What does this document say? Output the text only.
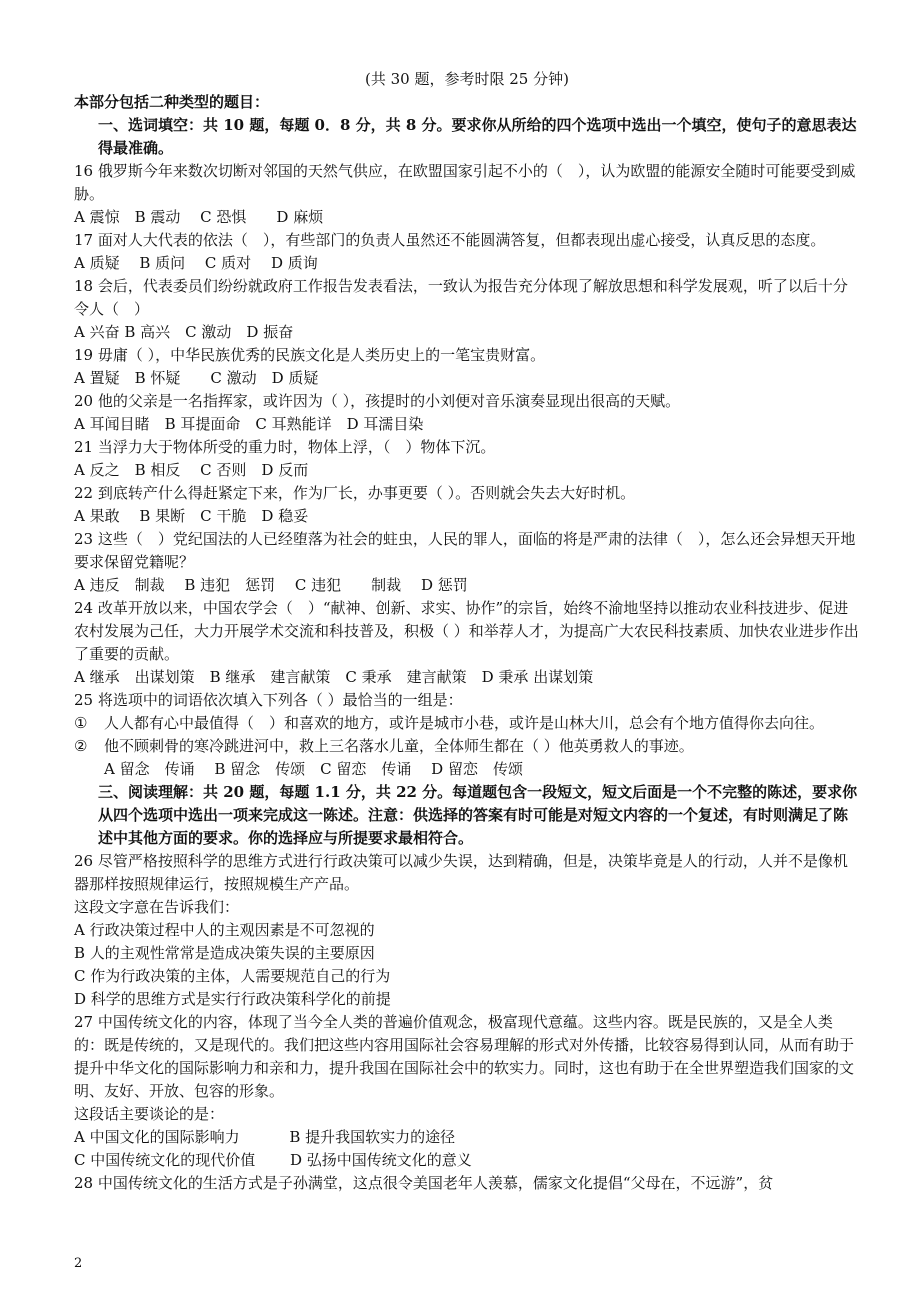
(共 30 题，参考时限 25 分钟)

本部分包括二种类型的题目：

一、选词填空：共 10 题，每题 0．8 分，共 8 分。要求你从所给的四个选项中选出一个填空，使句子的意思表达得最准确。

16 俄罗斯今年来数次切断对邻国的天然气供应，在欧盟国家引起不小的（　），认为欧盟的能源安全随时可能要受到威胁。

A 震惊　B 震动　 C 恐惧　　D 麻烦

17 面对人大代表的依法（　），有些部门的负责人虽然还不能圆满答复，但都表现出虚心接受，认真反思的态度。

A 质疑　 B 质问　 C 质对　 D 质询

18 会后，代表委员们纷纷就政府工作报告发表看法，一致认为报告充分体现了解放思想和科学发展观，听了以后十分令人（　）

A 兴奋 B 高兴　C 激动　D 振奋

19 毋庸（ ），中华民族优秀的民族文化是人类历史上的一笔宝贵财富。

A 置疑　B 怀疑　　C 激动　D 质疑

20 他的父亲是一名指挥家，或许因为（ ），孩提时的小刘便对音乐演奏显现出很高的天赋。

A 耳闻目睹　B 耳提面命　C 耳熟能详　D 耳濡目染

21 当浮力大于物体所受的重力时，物体上浮，（　）物体下沉。

A 反之　B 相反　 C 否则　D 反而

22 到底转产什么得赶紧定下来，作为厂长，办事更要（ ）。否则就会失去大好时机。

A 果敢　 B 果断　C 干脆　D 稳妥

23 这些（　）党纪国法的人已经堕落为社会的蛀虫，人民的罪人，面临的将是严肃的法律（　），怎么还会异想天开地要求保留党籍呢？

A 违反　制裁　 B 违犯　惩罚　 C 违犯　　制裁　 D 惩罚

24 改革开放以来，中国农学会（　）“献神、创新、求实、协作”的宗旨，始终不渝地坚持以推动农业科技进步、促进农村发展为己任，大力开展学术交流和科技普及，积极（ ）和举荐人才，为提高广大农民科技素质、加快农业进步作出了重要的贡献。

A 继承　出谋划策　B 继承　建言献策　C 秉承　建言献策　D 秉承 出谋划策

25 将选项中的词语依次填入下列各（ ）最恰当的一组是：

① 人人都有心中最值得（　）和喜欢的地方，或许是城市小巷，或许是山林大川，总会有个地方值得你去向往。

② 他不顾刺骨的寒冷跳进河中，救上三名落水儿童，全体师生都在（ ）他英勇救人的事迹。

A 留念　传诵　 B 留念　传颂　C 留恋　传诵　 D 留恋　传颂

三、阅读理解：共 20 题，每题 1.1 分，共 22 分。每道题包含一段短文，短文后面是一个不完整的陈述，要求你从四个选项中选出一项来完成这一陈述。注意：供选择的答案有时可能是对短文内容的一个复述，有时则满足了陈述中其他方面的要求。你的选择应与所提要求最相符合。

26 尽管严格按照科学的思维方式进行行政决策可以减少失误，达到精确，但是，决策毕竟是人的行动，人并不是像机器那样按照规律运行，按照规模生产产品。

这段文字意在告诉我们：

A 行政决策过程中人的主观因素是不可忽视的

B 人的主观性常常是造成决策失误的主要原因

C 作为行政决策的主体，人需要规范自己的行为

D 科学的思维方式是实行行政决策科学化的前提

27 中国传统文化的内容，体现了当今全人类的普遍价值观念，极富现代意蕴。这些内容。既是民族的，又是全人类的：既是传统的，又是现代的。我们把这些内容用国际社会容易理解的形式对外传播，比较容易得到认同，从而有助于提升中华文化的国际影响力和亲和力，提升我国在国际社会中的软实力。同时，这也有助于在全世界塑造我们国家的文明、友好、开放、包容的形象。

这段话主要谈论的是：

A 中国文化的国际影响力　　　 B 提升我国软实力的途径

C 中国传统文化的现代价值　　 D 弘扬中国传统文化的意义

28 中国传统文化的生活方式是子孙满堂，这点很令美国老年人羡慕，儒家文化提倡“父母在，不远游”，贫

2
